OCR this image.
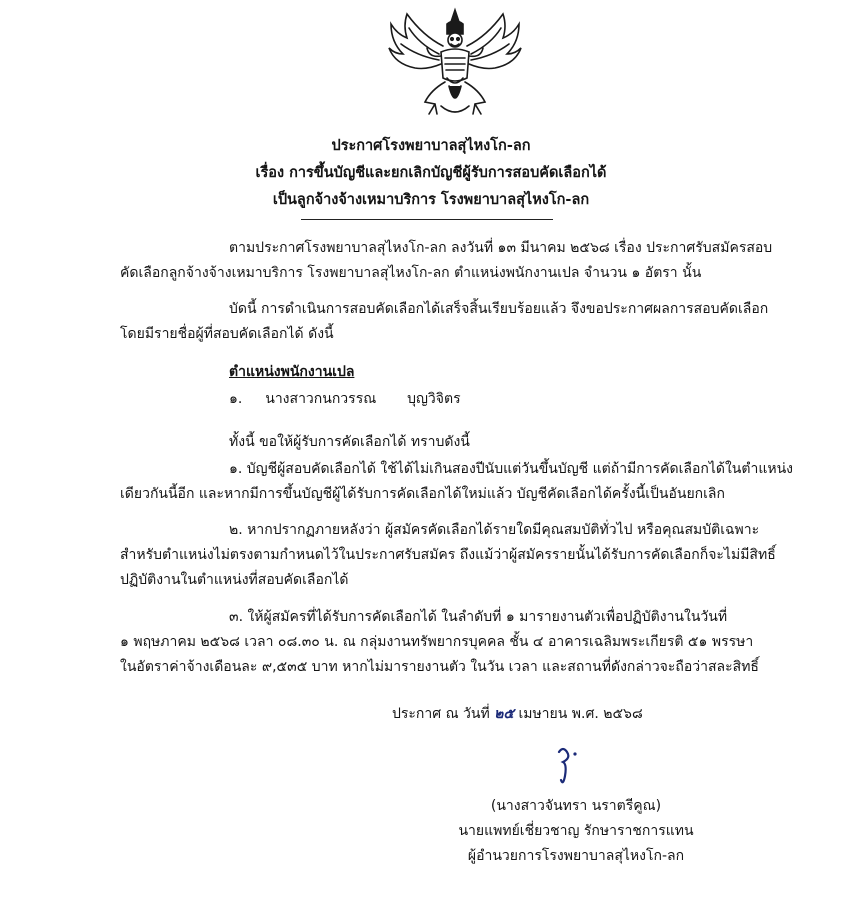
ประกาศโรงพยาบาลสุไหงโก-ลก
เรื่อง การขึ้นบัญชีและยกเลิกบัญชีผู้รับการสอบคัดเลือกได้
เป็นลูกจ้างจ้างเหมาบริการ โรงพยาบาลสุไหงโก-ลก
ตามประกาศโรงพยาบาลสุไหงโก-ลก ลงวันที่ ๑๓ มีนาคม ๒๕๖๘ เรื่อง ประกาศรับสมัครสอบ
คัดเลือกลูกจ้างจ้างเหมาบริการ โรงพยาบาลสุไหงโก-ลก ตำแหน่งพนักงานเปล จำนวน ๑ อัตรา นั้น
บัดนี้ การดำเนินการสอบคัดเลือกได้เสร็จสิ้นเรียบร้อยแล้ว จึงขอประกาศผลการสอบคัดเลือก
โดยมีรายชื่อผู้ที่สอบคัดเลือกได้ ดังนี้
ตำแหน่งพนักงานเปล
๑. นางสาวกนกวรรณ บุญวิจิตร
ทั้งนี้ ขอให้ผู้รับการคัดเลือกได้ ทราบดังนี้
๑. บัญชีผู้สอบคัดเลือกได้ ใช้ได้ไม่เกินสองปีนับแต่วันขึ้นบัญชี แต่ถ้ามีการคัดเลือกได้ในตำแหน่ง
เดียวกันนี้อีก และหากมีการขึ้นบัญชีผู้ได้รับการคัดเลือกได้ใหม่แล้ว บัญชีคัดเลือกได้ครั้งนี้เป็นอันยกเลิก
๒. หากปรากฏภายหลังว่า ผู้สมัครคัดเลือกได้รายใดมีคุณสมบัติทั่วไป หรือคุณสมบัติเฉพาะ
สำหรับตำแหน่งไม่ตรงตามกำหนดไว้ในประกาศรับสมัคร ถึงแม้ว่าผู้สมัครรายนั้นได้รับการคัดเลือกก็จะไม่มีสิทธิ์
ปฏิบัติงานในตำแหน่งที่สอบคัดเลือกได้
๓. ให้ผู้สมัครที่ได้รับการคัดเลือกได้ ในลำดับที่ ๑ มารายงานตัวเพื่อปฏิบัติงานในวันที่
๑ พฤษภาคม ๒๕๖๘ เวลา ๐๘.๓๐ น. ณ กลุ่มงานทรัพยากรบุคคล ชั้น ๔ อาคารเฉลิมพระเกียรติ ๕๑ พรรษา
ในอัตราค่าจ้างเดือนละ ๙,๕๓๕ บาท หากไม่มารายงานตัว ในวัน เวลา และสถานที่ดังกล่าวจะถือว่าสละสิทธิ์
ประกาศ ณ วันที่ ๒๕ เมษายน พ.ศ. ๒๕๖๘
(นางสาวจันทรา นราตรีคูณ)
นายแพทย์เชี่ยวชาญ รักษาราชการแทน
ผู้อำนวยการโรงพยาบาลสุไหงโก-ลก
